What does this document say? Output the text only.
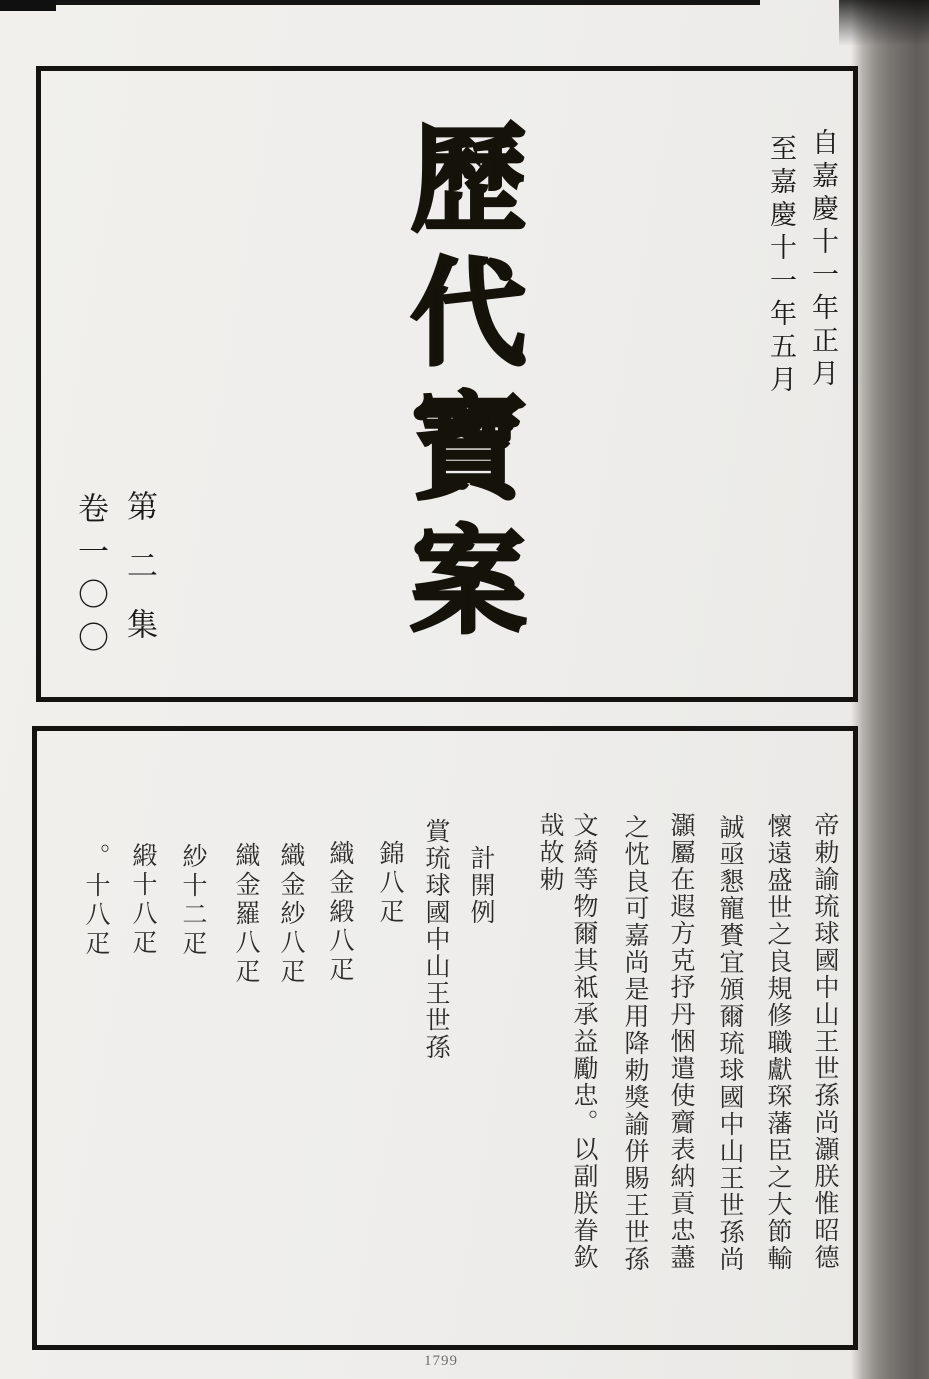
自嘉慶十一年正月
至嘉慶十一年五月
歷代寶案
第二集
卷一〇〇
帝勅諭琉球國中山王世孫尚灝朕惟昭德
懷遠盛世之良規修職獻琛藩臣之大節輸
誠亟懇寵賚宜頒爾琉球國中山王世孫尚
灝屬在遐方克抒丹悃遣使齎表納貢忠藎
之忱良可嘉尚是用降勅獎諭併賜王世孫
文綺等物爾其祗承益勵忠。以副朕眷欽
哉故勅
計開例
賞琉球國中山王世孫
錦八疋
織金緞八疋
織金紗八疋
織金羅八疋
紗十二疋
緞十八疋
。十八疋
1799
